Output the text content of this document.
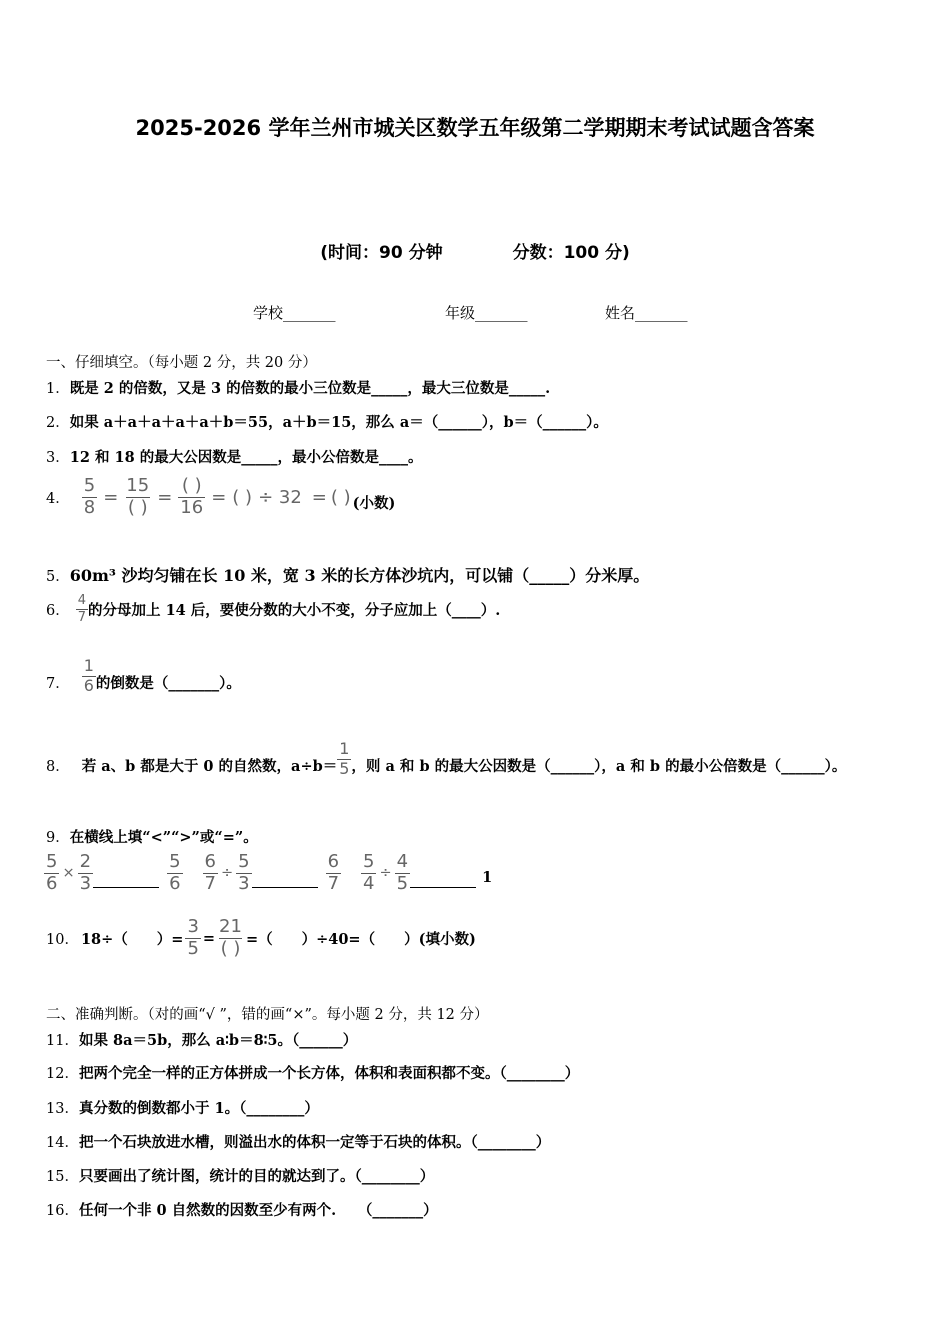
2025-2026 学年兰州市城关区数学五年级第二学期期末考试试题含答案
(时间：90 分钟	分数：100 分)
学校_______	年级_______	姓名_______
一、仔细填空。（每小题 2 分，共 20 分）
1．既是 2 的倍数，又是 3 的倍数的最小三位数是_____，最大三位数是_____.
2．如果 a＋a＋a＋a＋a＋b＝55，a＋b＝15，那么 a＝（______），b＝（______）。
3．12 和 18 的最大公因数是_____，最小公倍数是____。
4． $\frac{5}{8} = \frac{15}{( )} = \frac{( )}{16}$ = ( ) ÷ 32 = ( ) (小数)
5．60m³ 沙均匀铺在长 10 米，宽 3 米的长方体沙坑内，可以铺（_____）分米厚。
6． $\frac{4}{7}$ 的分母加上 14 后，要使分数的大小不变，分子应加上（____）.
7． $\frac{1}{6}$ 的倒数是（_______）。
8． 若 a、b 都是大于 0 的自然数，$a\div b= \frac{1}{5}$ ，则 a 和 b 的最大公因数是（______），a 和 b 的最小公倍数是（______）。
9．在横线上填“<”“>”或“=”。
$\frac{5}{6} \times \frac{2}{3}$	$\frac{5}{6} \frac{6}{7} \div \frac{5}{3}$	$\frac{6}{7} \frac{5}{4} \div \frac{4}{5}$	1
10． 18÷（　　）= $\frac{3}{5} = \frac{21}{( )}$ =（　　）÷40=（　　）(填小数)
二、准确判断。（对的画“√ ”，错的画“×”。每小题 2 分，共 12 分）
11．如果 8a＝5b，那么 a∶b＝8∶5。（______）
12．把两个完全一样的正方体拼成一个长方体，体积和表面积都不变。（________）
13．真分数的倒数都小于 1。（________）
14．把一个石块放进水槽，则溢出水的体积一定等于石块的体积。（________）
15．只要画出了统计图，统计的目的就达到了。（________）
16．任何一个非 0 自然数的因数至少有两个.　　（_______）
